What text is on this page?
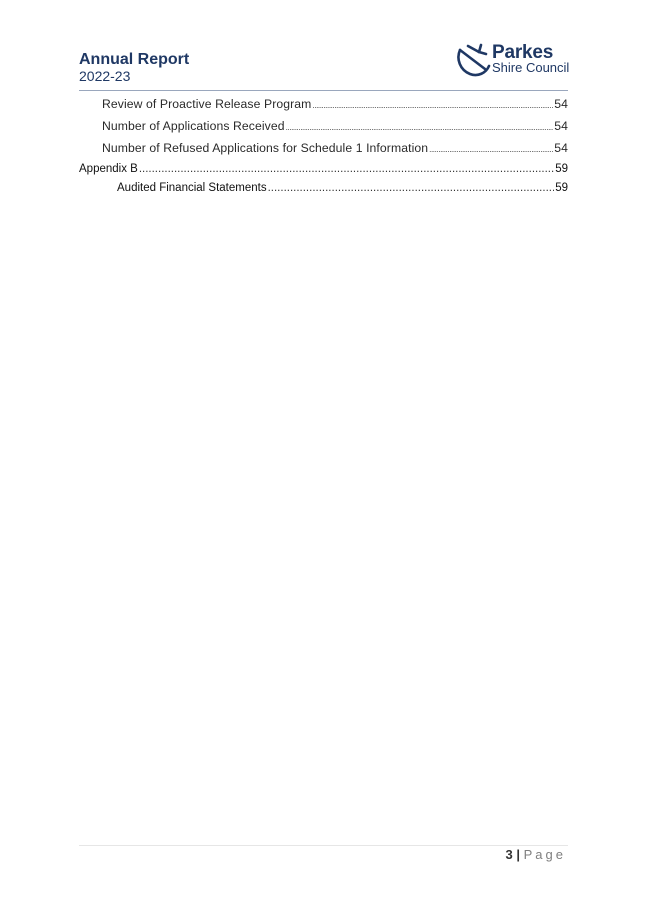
Annual Report
2022-23
Parkes
Shire Council
Review of Proactive Release Program .....	54
Number of Applications Received .....	54
Number of Refused Applications for Schedule 1 Information .....	54
Appendix B .....	59
Audited Financial Statements .....	59
3 | Page
